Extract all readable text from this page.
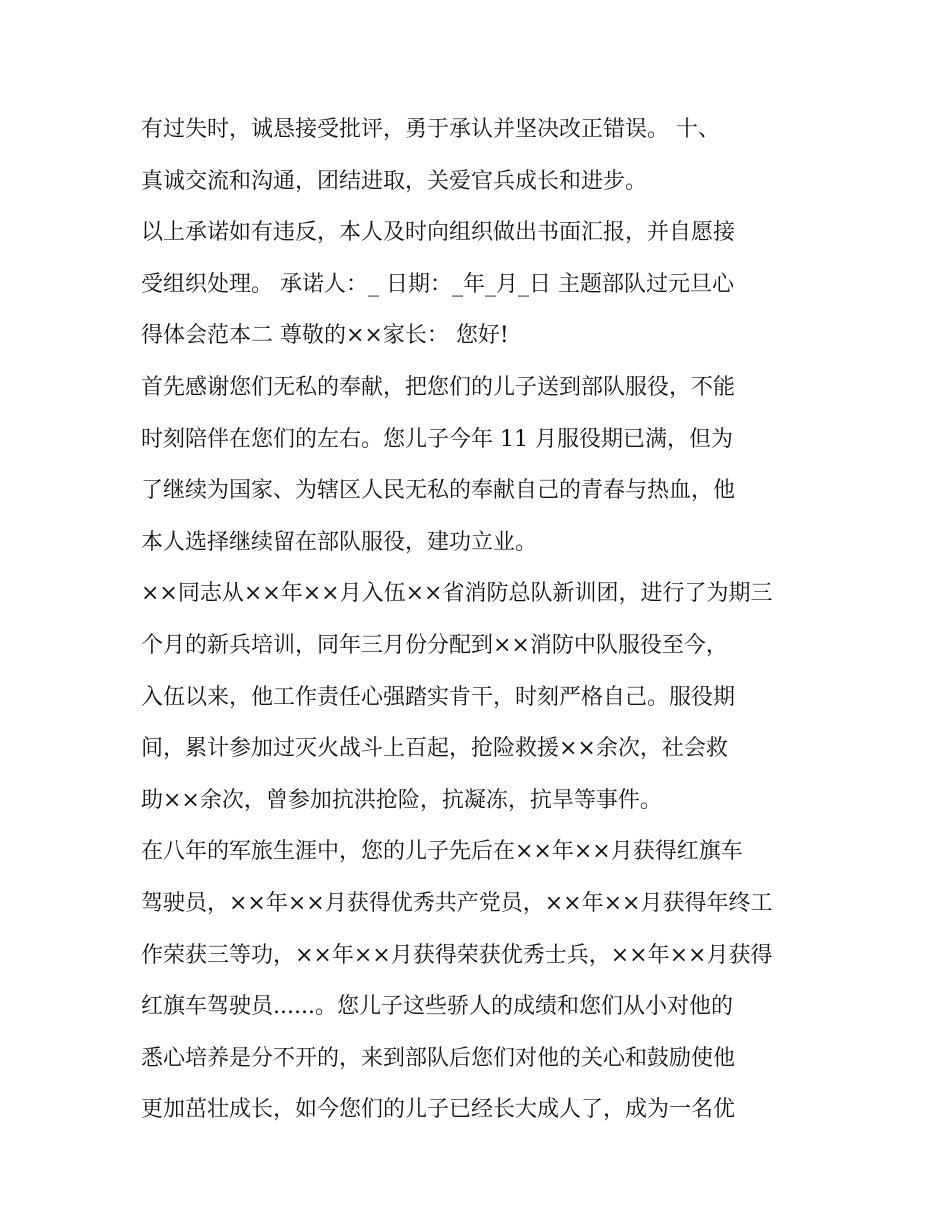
有过失时，诚恳接受批评，勇于承认并坚决改正错误。 十、
真诚交流和沟通，团结进取，关爱官兵成长和进步。
以上承诺如有违反，本人及时向组织做出书面汇报，并自愿接
受组织处理。 承诺人：_ 日期：_年_月_日 主题部队过元旦心
得体会范本二 尊敬的××家长： 您好!
首先感谢您们无私的奉献，把您们的儿子送到部队服役，不能
时刻陪伴在您们的左右。您儿子今年 11 月服役期已满，但为
了继续为国家、为辖区人民无私的奉献自己的青春与热血，他
本人选择继续留在部队服役，建功立业。
××同志从××年××月入伍××省消防总队新训团，进行了为期三
个月的新兵培训，同年三月份分配到××消防中队服役至今，
入伍以来，他工作责任心强踏实肯干，时刻严格自己。服役期
间，累计参加过灭火战斗上百起，抢险救援××余次，社会救
助××余次，曾参加抗洪抢险，抗凝冻，抗旱等事件。
在八年的军旅生涯中，您的儿子先后在××年××月获得红旗车
驾驶员，××年××月获得优秀共产党员，××年××月获得年终工
作荣获三等功，××年××月获得荣获优秀士兵，××年××月获得
红旗车驾驶员......。您儿子这些骄人的成绩和您们从小对他的
悉心培养是分不开的，来到部队后您们对他的关心和鼓励使他
更加茁壮成长，如今您们的儿子已经长大成人了，成为一名优
